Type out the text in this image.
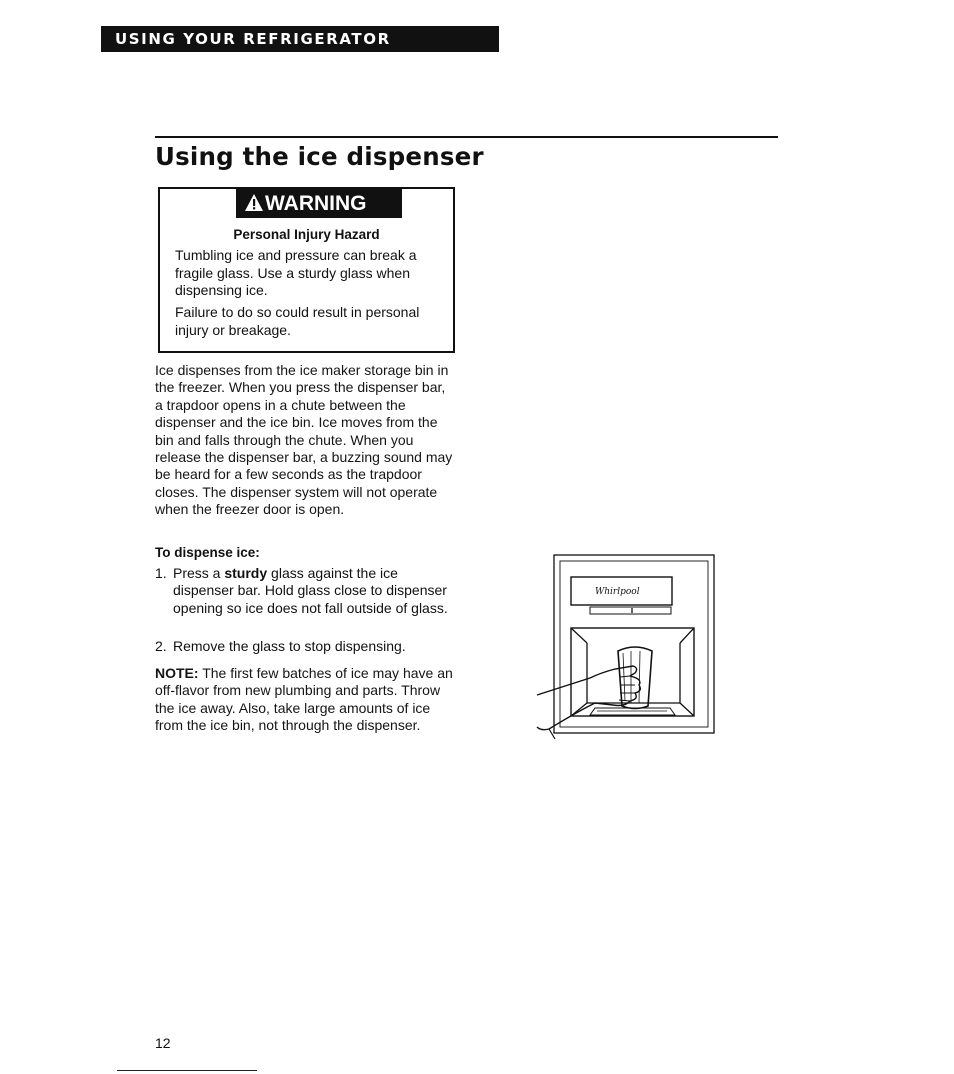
USING YOUR REFRIGERATOR
Using the ice dispenser
WARNING
Personal Injury Hazard

Tumbling ice and pressure can break a fragile glass. Use a sturdy glass when dispensing ice.

Failure to do so could result in personal injury or breakage.

Ice dispenses from the ice maker storage bin in the freezer. When you press the dispenser bar, a trapdoor opens in a chute between the dispenser and the ice bin. Ice moves from the bin and falls through the chute. When you release the dispenser bar, a buzzing sound may be heard for a few seconds as the trapdoor closes. The dispenser system will not operate when the freezer door is open.

To dispense ice:
1. Press a sturdy glass against the ice dispenser bar. Hold glass close to dispenser opening so ice does not fall outside of glass.
2. Remove the glass to stop dispensing.

NOTE: The first few batches of ice may have an off-flavor from new plumbing and parts. Throw the ice away. Also, take large amounts of ice from the ice bin, not through the dispenser.

Whirlpool
12
